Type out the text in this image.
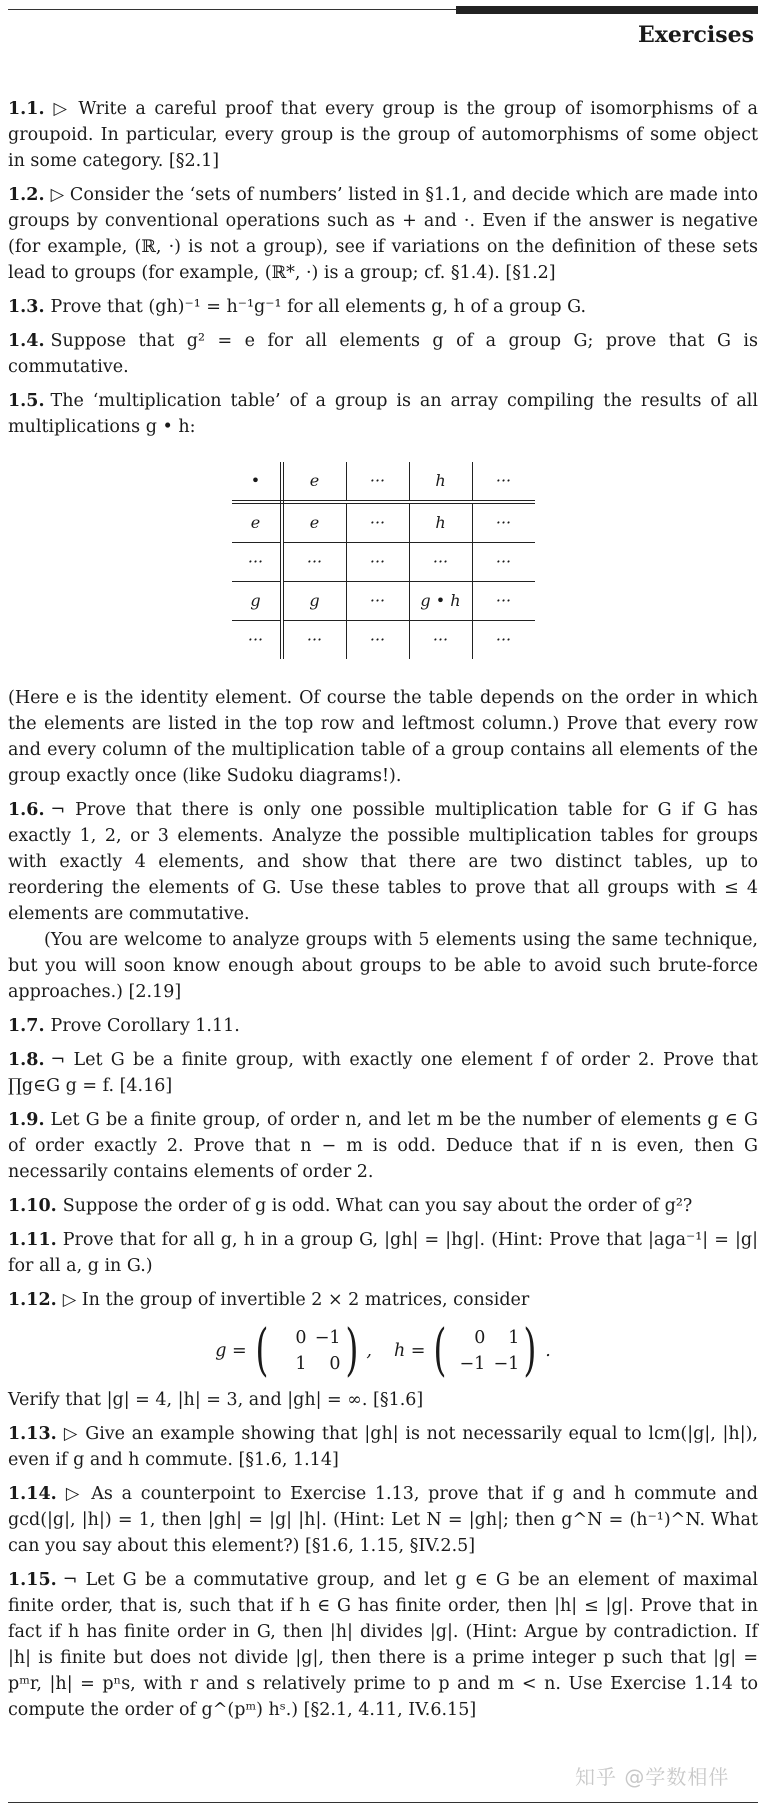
Exercises
1.1. ▷ Write a careful proof that every group is the group of isomorphisms of a groupoid. In particular, every group is the group of automorphisms of some object in some category. [§2.1]
1.2. ▷ Consider the ‘sets of numbers’ listed in §1.1, and decide which are made into groups by conventional operations such as + and ·. Even if the answer is negative (for example, (ℝ, ·) is not a group), see if variations on the definition of these sets lead to groups (for example, (ℝ*, ·) is a group; cf. §1.4). [§1.2]
1.3. Prove that (gh)⁻¹ = h⁻¹g⁻¹ for all elements g, h of a group G.
1.4. Suppose that g² = e for all elements g of a group G; prove that G is commutative.
1.5. The ‘multiplication table’ of a group is an array compiling the results of all multiplications g • h:
•	e	···	h	···
e	e	···	h	···
···	···	···	···	···
g	g	···	g • h	···
···	···	···	···	···

(Here e is the identity element. Of course the table depends on the order in which the elements are listed in the top row and leftmost column.) Prove that every row and every column of the multiplication table of a group contains all elements of the group exactly once (like Sudoku diagrams!).

1.6. ¬ Prove that there is only one possible multiplication table for G if G has exactly 1, 2, or 3 elements. Analyze the possible multiplication tables for groups with exactly 4 elements, and show that there are two distinct tables, up to reordering the elements of G. Use these tables to prove that all groups with ≤ 4 elements are commutative.

(You are welcome to analyze groups with 5 elements using the same technique, but you will soon know enough about groups to be able to avoid such brute-force approaches.) [2.19]

1.7. Prove Corollary 1.11.
1.8. ¬ Let G be a finite group, with exactly one element f of order 2. Prove that ∏g∈G g = f. [4.16]
1.9. Let G be a finite group, of order n, and let m be the number of elements g ∈ G of order exactly 2. Prove that n − m is odd. Deduce that if n is even, then G necessarily contains elements of order 2.
1.10. Suppose the order of g is odd. What can you say about the order of g²?
1.11. Prove that for all g, h in a group G, |gh| = |hg|. (Hint: Prove that |aga⁻¹| = |g| for all a, g in G.)
1.12. ▷ In the group of invertible 2 × 2 matrices, consider
g = (	0 −1
1	0 ) , h = (	0	1
−1 −1 ) .

Verify that |g| = 4, |h| = 3, and |gh| = ∞. [§1.6]

1.13. ▷ Give an example showing that |gh| is not necessarily equal to lcm(|g|, |h|), even if g and h commute. [§1.6, 1.14]
1.14. ▷ As a counterpoint to Exercise 1.13, prove that if g and h commute and gcd(|g|, |h|) = 1, then |gh| = |g| |h|. (Hint: Let N = |gh|; then g^N = (h⁻¹)^N. What can you say about this element?) [§1.6, 1.15, §IV.2.5]
1.15. ¬ Let G be a commutative group, and let g ∈ G be an element of maximal finite order, that is, such that if h ∈ G has finite order, then |h| ≤ |g|. Prove that in fact if h has finite order in G, then |h| divides |g|. (Hint: Argue by contradiction. If |h| is finite but does not divide |g|, then there is a prime integer p such that |g| = pᵐr, |h| = pⁿs, with r and s relatively prime to p and m < n. Use Exercise 1.14 to compute the order of g^(pᵐ) hˢ.) [§2.1, 4.11, IV.6.15]
知乎 @学数相伴
